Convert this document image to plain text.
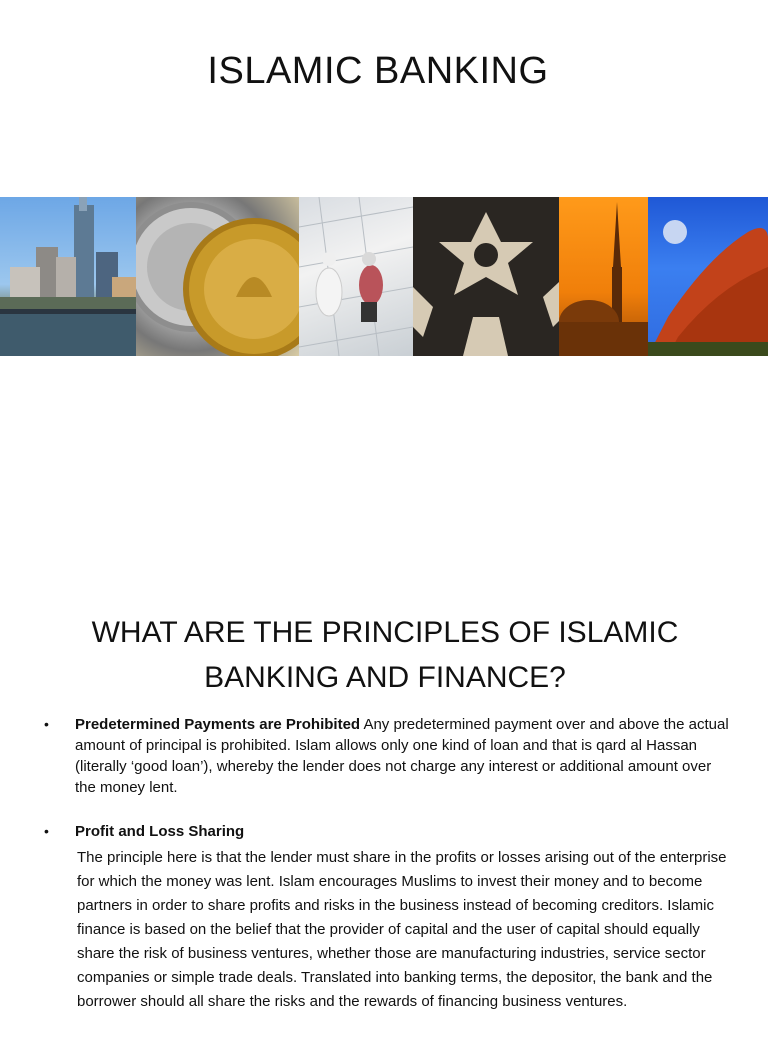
ISLAMIC BANKING
WHAT ARE THE PRINCIPLES OF ISLAMIC BANKING AND FINANCE?
• Predetermined Payments are Prohibited Any predetermined payment over and above the actual amount of principal is prohibited. Islam allows only one kind of loan and that is qard al Hassan (literally ‘good loan’), whereby the lender does not charge any interest or additional amount over the money lent.
• Profit and Loss Sharing
The principle here is that the lender must share in the profits or losses arising out of the enterprise for which the money was lent. Islam encourages Muslims to invest their money and to become partners in order to share profits and risks in the business instead of becoming creditors. Islamic finance is based on the belief that the provider of capital and the user of capital should equally share the risk of business ventures, whether those are manufacturing industries, service sector companies or simple trade deals. Translated into banking terms, the depositor, the bank and the borrower should all share the risks and the rewards of financing business ventures.
